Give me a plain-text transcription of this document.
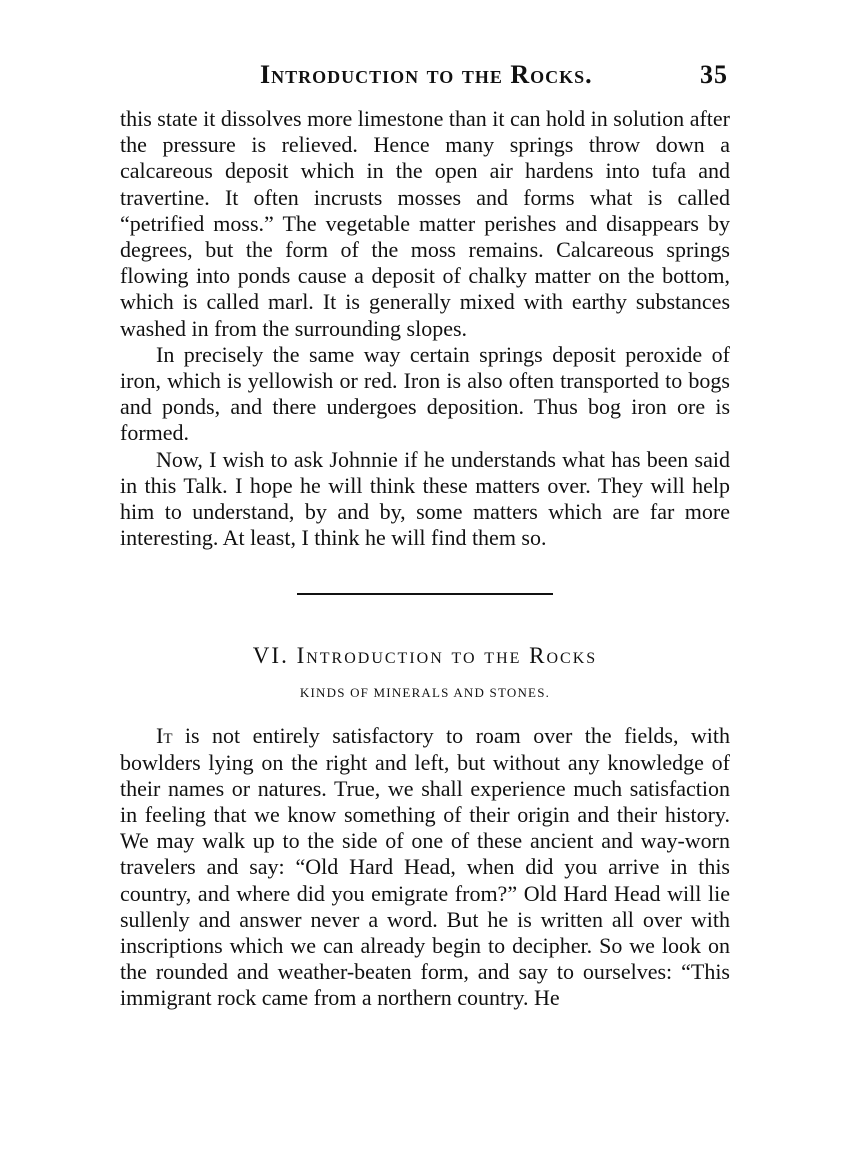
Introduction to the Rocks.	35

this state it dissolves more limestone than it can hold in solution after the pressure is relieved. Hence many springs throw down a calcareous deposit which in the open air hardens into tufa and travertine. It often incrusts mosses and forms what is called “petrified moss.” The vegetable matter perishes and disappears by degrees, but the form of the moss remains. Calcareous springs flowing into ponds cause a deposit of chalky matter on the bottom, which is called marl. It is generally mixed with earthy substances washed in from the surrounding slopes.

In precisely the same way certain springs deposit peroxide of iron, which is yellowish or red. Iron is also often transported to bogs and ponds, and there undergoes deposition. Thus bog iron ore is formed.

Now, I wish to ask Johnnie if he understands what has been said in this Talk. I hope he will think these matters over. They will help him to understand, by and by, some matters which are far more interesting. At least, I think he will find them so.

VI. Introduction to the Rocks
KINDS OF MINERALS AND STONES.

It is not entirely satisfactory to roam over the fields, with bowlders lying on the right and left, but without any knowledge of their names or natures. True, we shall experience much satisfaction in feeling that we know something of their origin and their history. We may walk up to the side of one of these ancient and way-worn travelers and say: “Old Hard Head, when did you arrive in this country, and where did you emigrate from?” Old Hard Head will lie sullenly and answer never a word. But he is written all over with inscriptions which we can already begin to decipher. So we look on the rounded and weather-beaten form, and say to ourselves: “This immigrant rock came from a northern country. He
